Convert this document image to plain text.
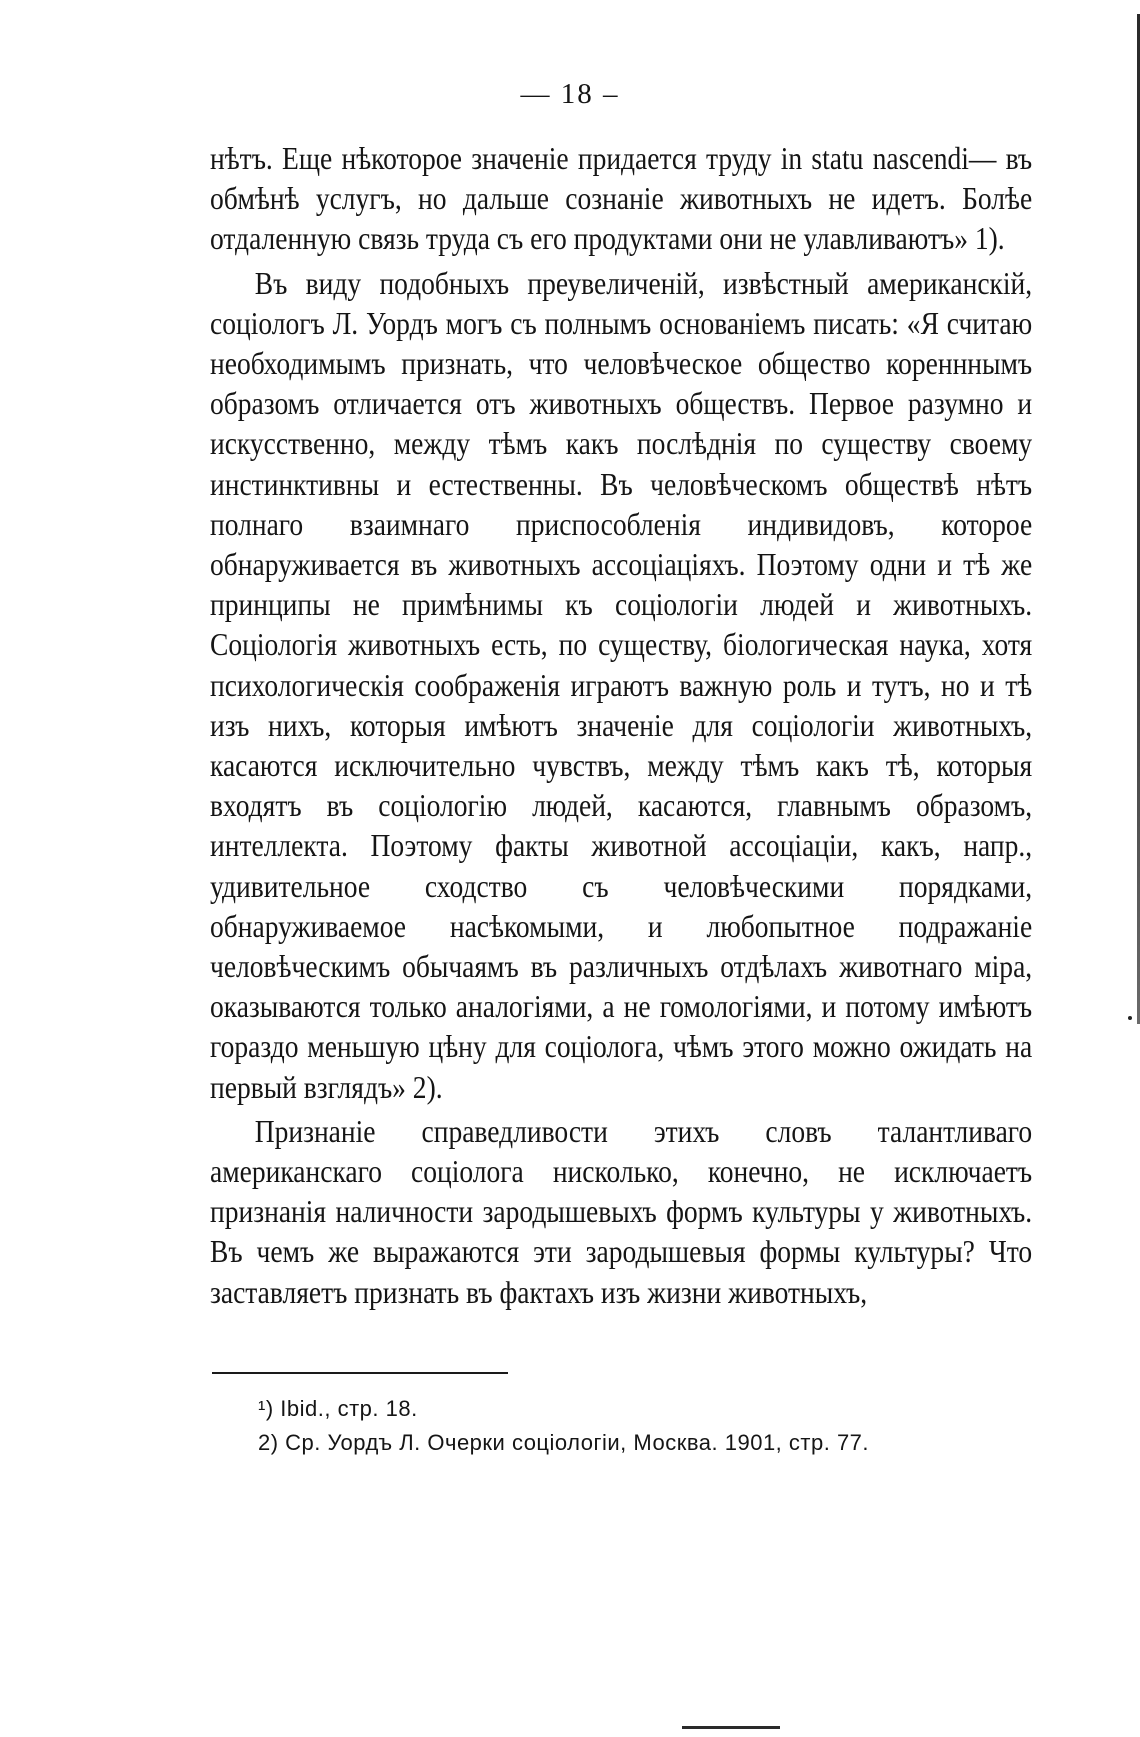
— 18 –

нѣтъ. Еще нѣкоторое значеніе придается труду in statu nascendi— въ обмѣнѣ услугъ, но дальше сознаніе животныхъ не идетъ. Болѣе отдаленную связь труда съ его продуктами они не улавливаютъ» 1).

Въ виду подобныхъ преувеличеній, извѣстный американскій, соціологъ Л. Уордъ могъ съ полнымъ основаніемъ писать: «Я считаю необходимымъ признать, что человѣческое общество коренннымъ образомъ отличается отъ животныхъ обществъ. Первое разумно и искусственно, между тѣмъ какъ послѣднія по существу своему инстинктивны и естественны. Въ человѣческомъ обществѣ нѣтъ полнаго взаимнаго приспособленія индивидовъ, которое обнаруживается въ животныхъ ассоціаціяхъ. Поэтому одни и тѣ же принципы не примѣнимы къ соціологіи людей и животныхъ. Соціологія животныхъ есть, по существу, біологическая наука, хотя психологическія соображенія играютъ важную роль и тутъ, но и тѣ изъ нихъ, которыя имѣютъ значеніе для соціологіи животныхъ, касаются исключительно чувствъ, между тѣмъ какъ тѣ, которыя входятъ въ соціологію людей, касаются, главнымъ образомъ, интеллекта. Поэтому факты животной ассоціаціи, какъ, напр., удивительное сходство съ человѣческими порядками, обнаруживаемое насѣкомыми, и любопытное подражаніе человѣческимъ обычаямъ въ различныхъ отдѣлахъ животнаго міра, оказываются только аналогіями, а не гомологіями, и потому имѣютъ гораздо меньшую цѣну для соціолога, чѣмъ этого можно ожидать на первый взглядъ» 2).

Признаніе справедливости этихъ словъ талантливаго американскаго соціолога нисколько, конечно, не исключаетъ признанія наличности зародышевыхъ формъ культуры у животныхъ. Въ чемъ же выражаются эти зародышевыя формы культуры? Что заставляетъ признать въ фактахъ изъ жизни животныхъ,

¹) Ibid., стр. 18.
2) Ср. Уордъ Л. Очерки соціологіи, Москва. 1901, стр. 77.
